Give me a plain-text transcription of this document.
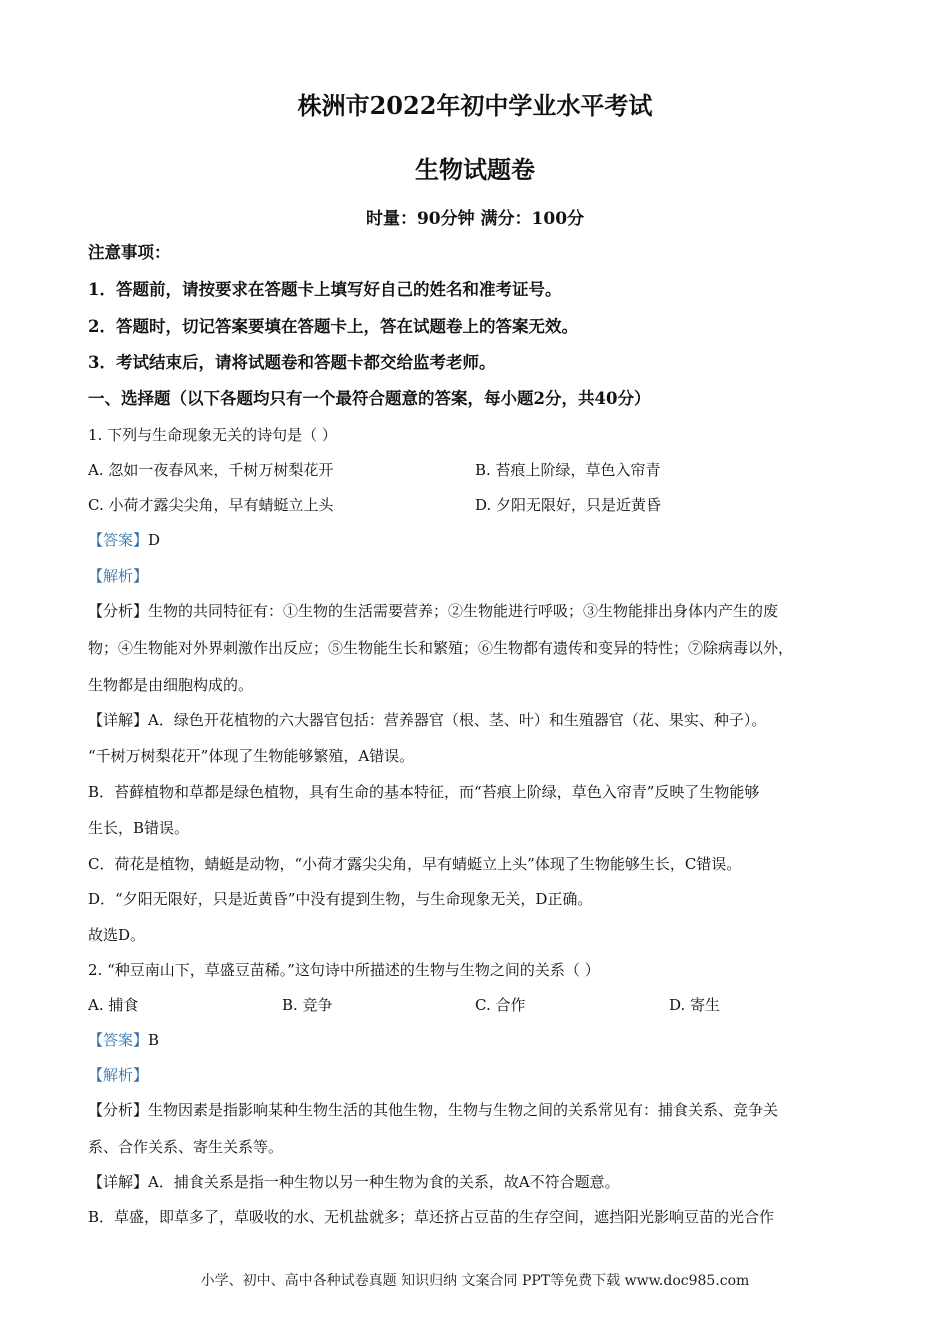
株洲市2022年初中学业水平考试
生物试题卷
时量：90分钟 满分：100分
注意事项：
1．答题前，请按要求在答题卡上填写好自己的姓名和准考证号。
2．答题时，切记答案要填在答题卡上，答在试题卷上的答案无效。
3．考试结束后，请将试题卷和答题卡都交给监考老师。
一、选择题（以下各题均只有一个最符合题意的答案，每小题2分，共40分）
1. 下列与生命现象无关的诗句是（ ）
A. 忽如一夜春风来，千树万树梨花开	B. 苔痕上阶绿，草色入帘青
C. 小荷才露尖尖角，早有蜻蜓立上头	D. 夕阳无限好，只是近黄昏
【答案】D
【解析】
【分析】生物的共同特征有：①生物的生活需要营养；②生物能进行呼吸；③生物能排出身体内产生的废
物；④生物能对外界刺激作出反应；⑤生物能生长和繁殖；⑥生物都有遗传和变异的特性；⑦除病毒以外，
生物都是由细胞构成的。
【详解】A．绿色开花植物的六大器官包括：营养器官（根、茎、叶）和生殖器官（花、果实、种子）。
“千树万树梨花开”体现了生物能够繁殖，A错误。
B．苔藓植物和草都是绿色植物，具有生命的基本特征，而“苔痕上阶绿，草色入帘青”反映了生物能够
生长，B错误。
C．荷花是植物，蜻蜓是动物，“小荷才露尖尖角，早有蜻蜓立上头”体现了生物能够生长，C错误。
D．“夕阳无限好，只是近黄昏”中没有提到生物，与生命现象无关，D正确。
故选D。
2. “种豆南山下，草盛豆苗稀。”这句诗中所描述的生物与生物之间的关系（ ）
A. 捕食	B. 竞争	C. 合作	D. 寄生
【答案】B
【解析】
【分析】生物因素是指影响某种生物生活的其他生物，生物与生物之间的关系常见有：捕食关系、竞争关
系、合作关系、寄生关系等。
【详解】A．捕食关系是指一种生物以另一种生物为食的关系，故A不符合题意。
B．草盛，即草多了，草吸收的水、无机盐就多；草还挤占豆苗的生存空间，遮挡阳光影响豆苗的光合作
小学、初中、高中各种试卷真题 知识归纳 文案合同 PPT等免费下载 www.doc985.com
